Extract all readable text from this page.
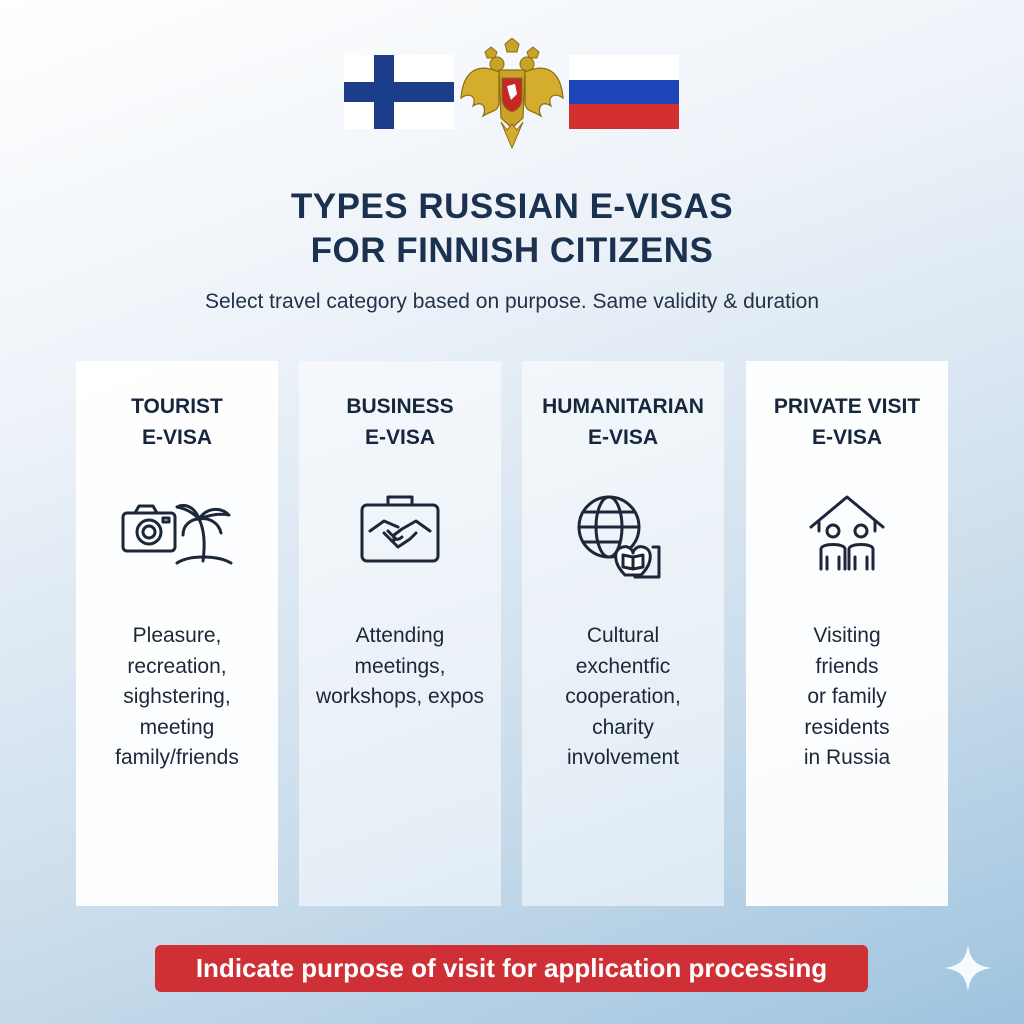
TYPES RUSSIAN E-VISAS
FOR FINNISH CITIZENS

Select travel category based on purpose. Same validity & duration

TOURIST
E-VISA
Pleasure,
recreation,
sighstering,
meeting
family/friends
BUSINESS
E-VISA
Attending
meetings,
workshops, expos
HUMANITARIAN
E-VISA
Cultural
exchentfic
cooperation,
charity
involvement
PRIVATE VISIT
E-VISA
Visiting
friends
or family
residents
in Russia
Indicate purpose of visit for application processing
